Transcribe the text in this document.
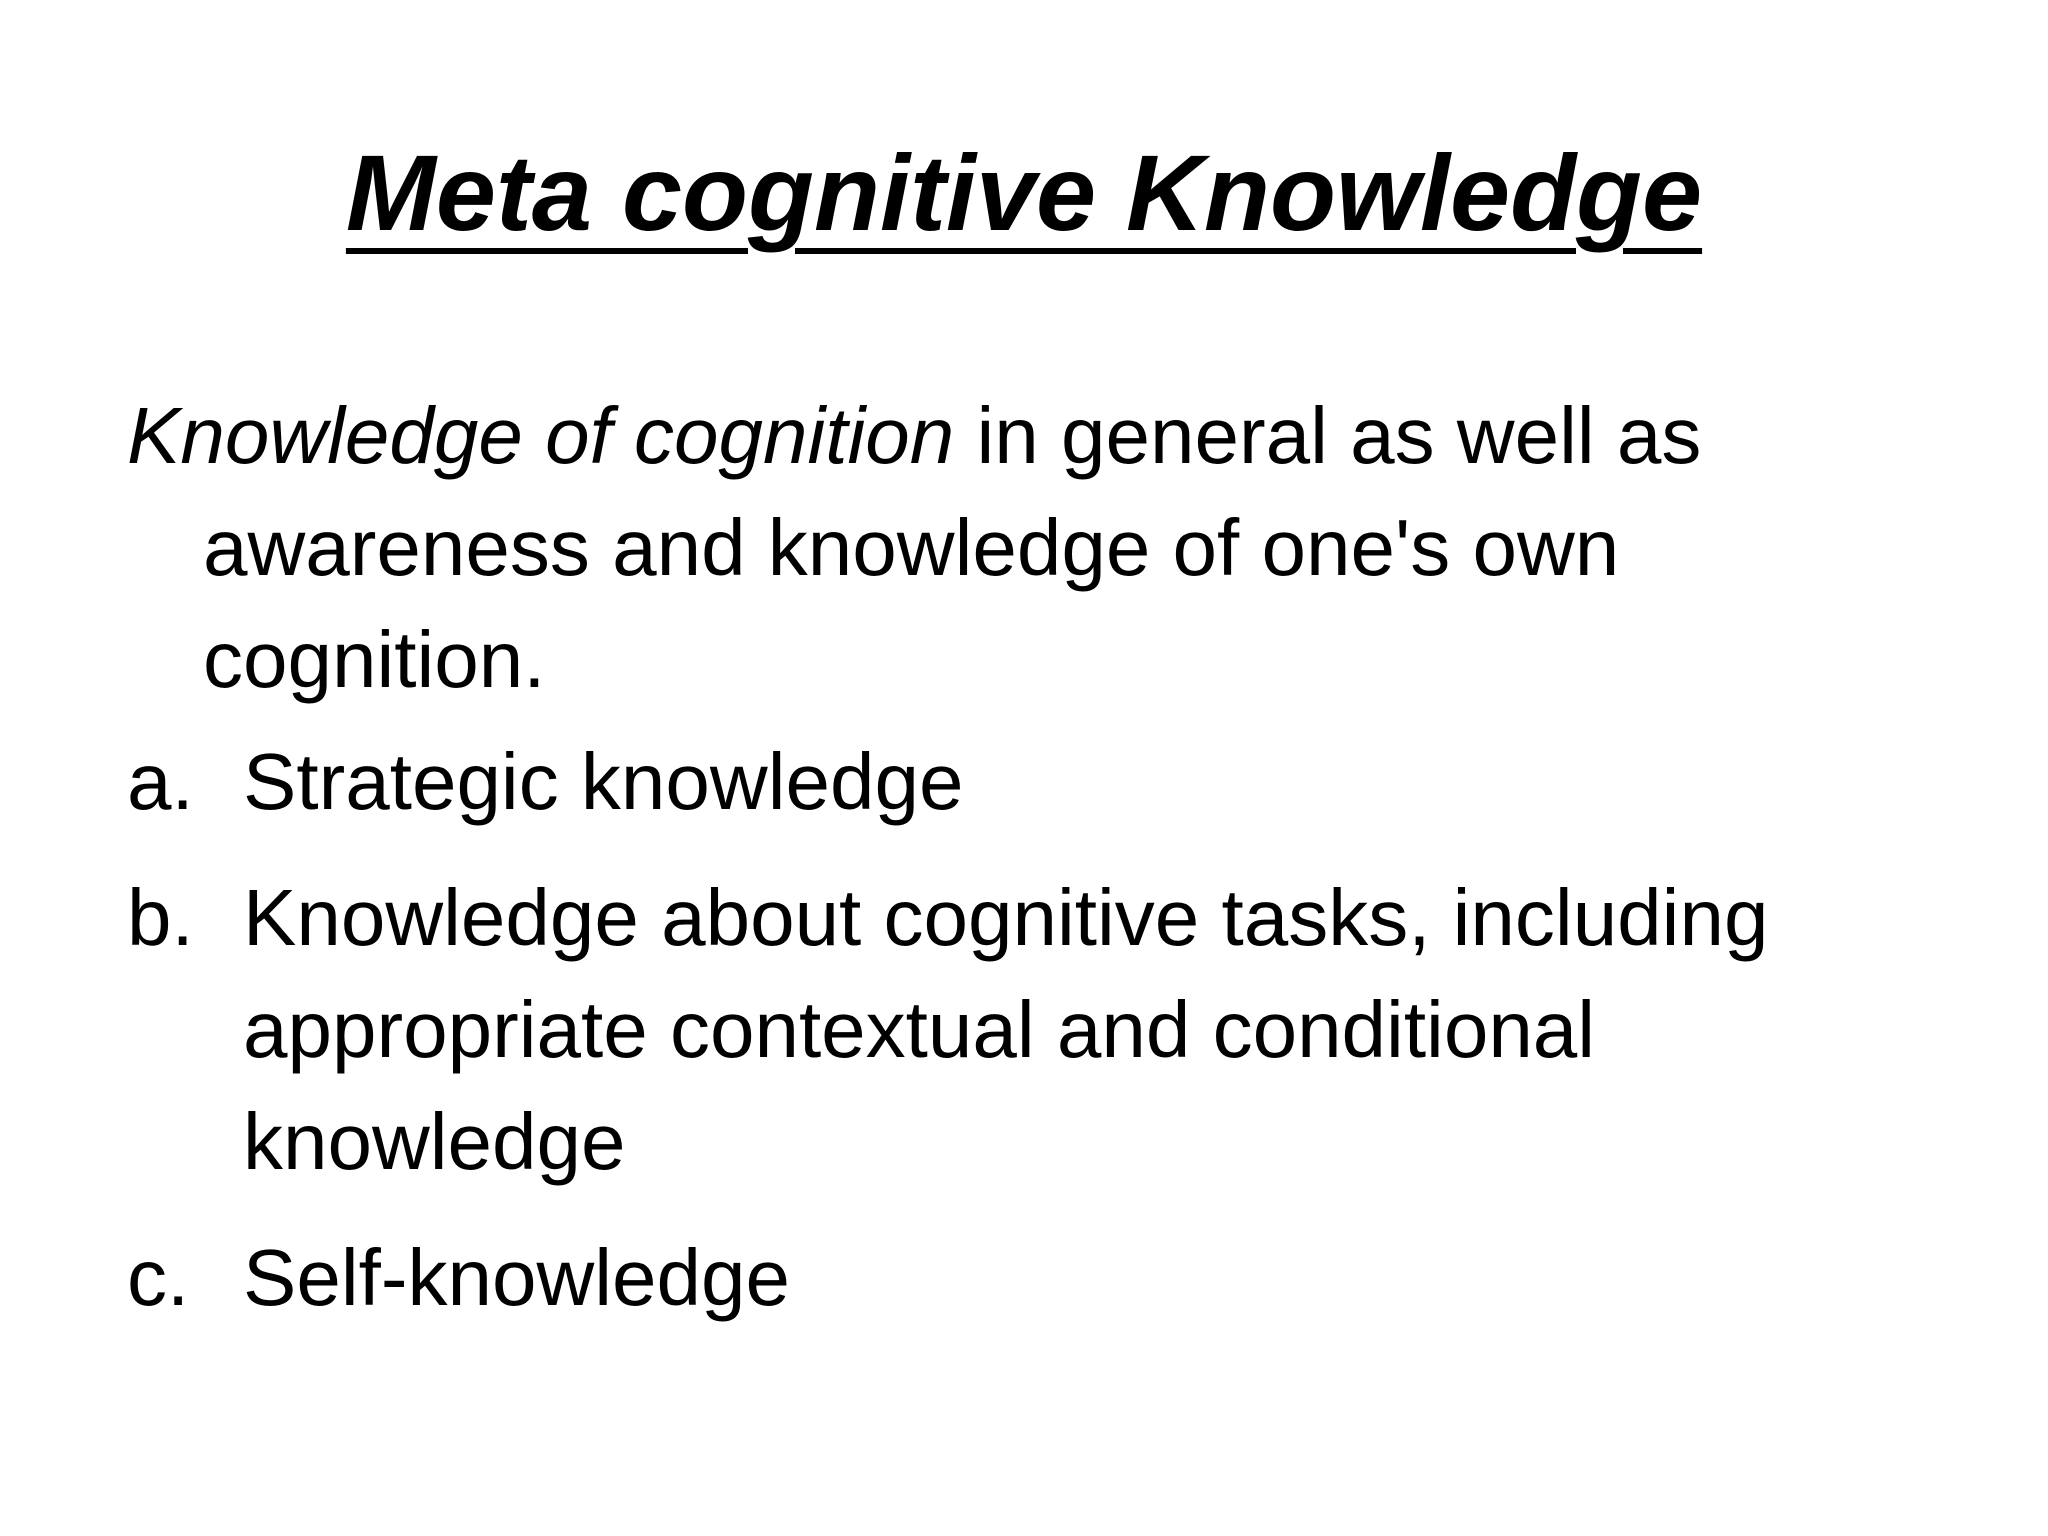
Meta cognitive Knowledge

Knowledge of cognition in general as well as awareness and knowledge of one's own cognition.

a. Strategic knowledge
b. Knowledge about cognitive tasks, including appropriate contextual and conditional knowledge
c. Self-knowledge
